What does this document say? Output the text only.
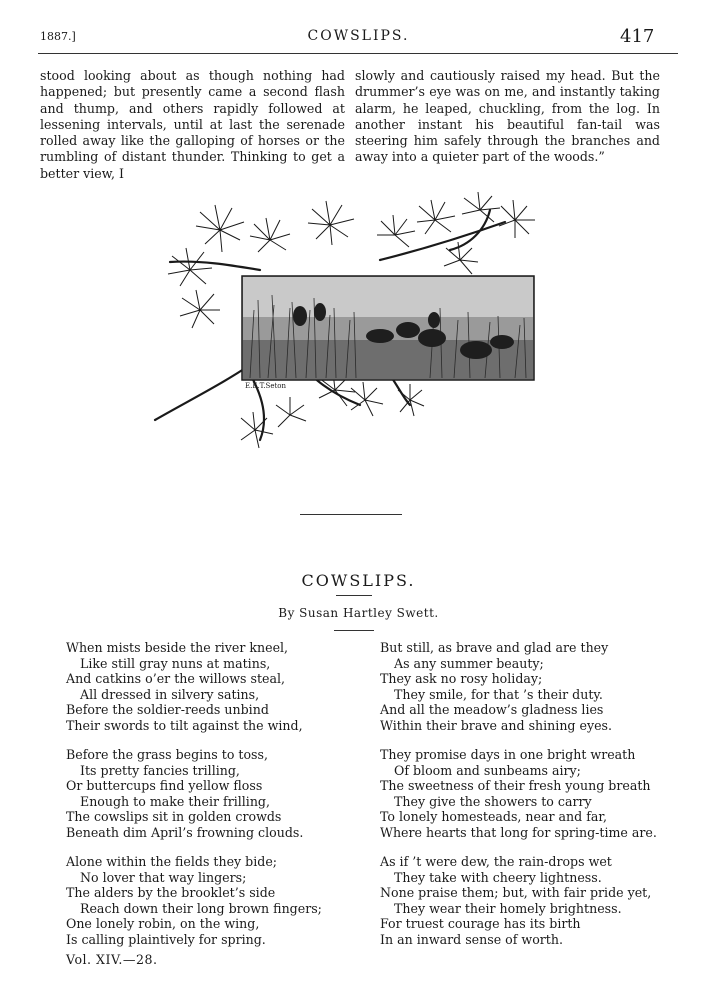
1887.]	COWSLIPS.	417
stood looking about as though nothing had happened; but presently came a second flash and thump, and others rapidly followed at lessening intervals, until at last the serenade rolled away like the galloping of horses or the rumbling of distant thunder. Thinking to get a better view, I
slowly and cautiously raised my head. But the drummer’s eye was on me, and instantly taking alarm, he leaped, chuckling, from the log. In another instant his beautiful fan-tail was steering him safely through the branches and away into a quieter part of the woods.”
E.E.T.Seton
COWSLIPS.
By Susan Hartley Swett.
When mists beside the river kneel,
Like still gray nuns at matins,
And catkins o’er the willows steal,
All dressed in silvery satins,
Before the soldier-reeds unbind
Their swords to tilt against the wind,
Before the grass begins to toss,
Its pretty fancies trilling,
Or buttercups find yellow floss
Enough to make their frilling,
The cowslips sit in golden crowds
Beneath dim April’s frowning clouds.
Alone within the fields they bide;
No lover that way lingers;
The alders by the brooklet’s side
Reach down their long brown fingers;
One lonely robin, on the wing,
Is calling plaintively for spring.
But still, as brave and glad are they
As any summer beauty;
They ask no rosy holiday;
They smile, for that ’s their duty.
And all the meadow’s gladness lies
Within their brave and shining eyes.
They promise days in one bright wreath
Of bloom and sunbeams airy;
The sweetness of their fresh young breath
They give the showers to carry
To lonely homesteads, near and far,
Where hearts that long for spring-time are.
As if ’t were dew, the rain-drops wet
They take with cheery lightness.
None praise them; but, with fair pride yet,
They wear their homely brightness.
For truest courage has its birth
In an inward sense of worth.
Vol. XIV.—28.
